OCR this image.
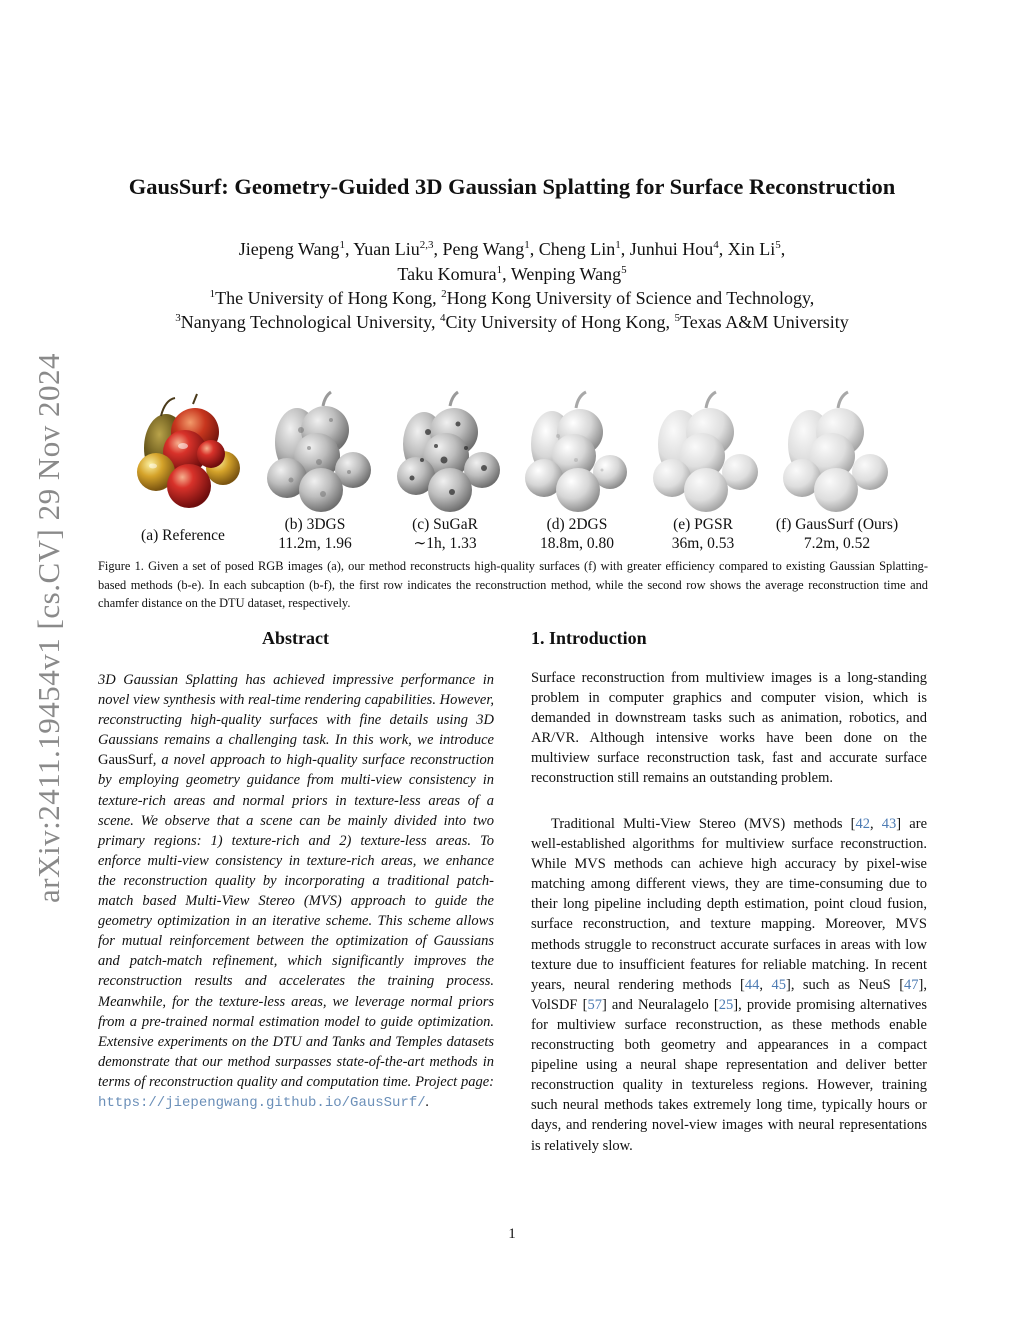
arXiv:2411.19454v1 [cs.CV] 29 Nov 2024
GausSurf: Geometry-Guided 3D Gaussian Splatting for Surface Reconstruction
Jiepeng Wang$^1$, Yuan Liu$^{2,3}$, Peng Wang$^1$, Cheng Lin$^1$, Junhui Hou$^4$, Xin Li$^5$,
Taku Komura$^1$, Wenping Wang$^5$
$^1$The University of Hong Kong, $^2$Hong Kong University of Science and Technology,
$^3$Nanyang Technological University, $^4$City University of Hong Kong, $^5$Texas A&M University
(a) Reference
(b) 3DGS
11.2m, 1.96
(c) SuGaR
∼1h, 1.33
(d) 2DGS
18.8m, 0.80
(e) PGSR
36m, 0.53
(f) GausSurf (Ours)
7.2m, 0.52
Figure 1. Given a set of posed RGB images (a), our method reconstructs high-quality surfaces (f) with greater efficiency compared to existing Gaussian Splatting-based methods (b-e). In each subcaption (b-f), the first row indicates the reconstruction method, while the second row shows the average reconstruction time and chamfer distance on the DTU dataset, respectively.
Abstract	1. Introduction
3D Gaussian Splatting has achieved impressive performance in novel view synthesis with real-time rendering capabilities. However, reconstructing high-quality surfaces with fine details using 3D Gaussians remains a challenging task. In this work, we introduce GausSurf, a novel approach to high-quality surface reconstruction by employing geometry guidance from multi-view consistency in texture-rich areas and normal priors in texture-less areas of a scene. We observe that a scene can be mainly divided into two primary regions: 1) texture-rich and 2) texture-less areas. To enforce multi-view consistency in texture-rich areas, we enhance the reconstruction quality by incorporating a traditional patch-match based Multi-View Stereo (MVS) approach to guide the geometry optimization in an iterative scheme. This scheme allows for mutual reinforcement between the optimization of Gaussians and patch-match refinement, which significantly improves the reconstruction results and accelerates the training process. Meanwhile, for the texture-less areas, we leverage normal priors from a pre-trained normal estimation model to guide optimization. Extensive experiments on the DTU and Tanks and Temples datasets demonstrate that our method surpasses state-of-the-art methods in terms of reconstruction quality and computation time. Project page: https://jiepengwang.github.io/GausSurf/.
Surface reconstruction from multiview images is a long-standing problem in computer graphics and computer vision, which is demanded in downstream tasks such as animation, robotics, and AR/VR. Although intensive works have been done on the multiview surface reconstruction task, fast and accurate surface reconstruction still remains an outstanding problem.
Traditional Multi-View Stereo (MVS) methods [42, 43] are well-established algorithms for multiview surface reconstruction. While MVS methods can achieve high accuracy by pixel-wise matching among different views, they are time-consuming due to their long pipeline including depth estimation, point cloud fusion, surface reconstruction, and texture mapping. Moreover, MVS methods struggle to reconstruct accurate surfaces in areas with low texture due to insufficient features for reliable matching. In recent years, neural rendering methods [44, 45], such as NeuS [47], VolSDF [57] and Neuralagelo [25], provide promising alternatives for multiview surface reconstruction, as these methods enable reconstructing both geometry and appearances in a compact pipeline using a neural shape representation and deliver better reconstruction quality in textureless regions. However, training such neural methods takes extremely long time, typically hours or days, and rendering novel-view images with neural representations is relatively slow.
1
